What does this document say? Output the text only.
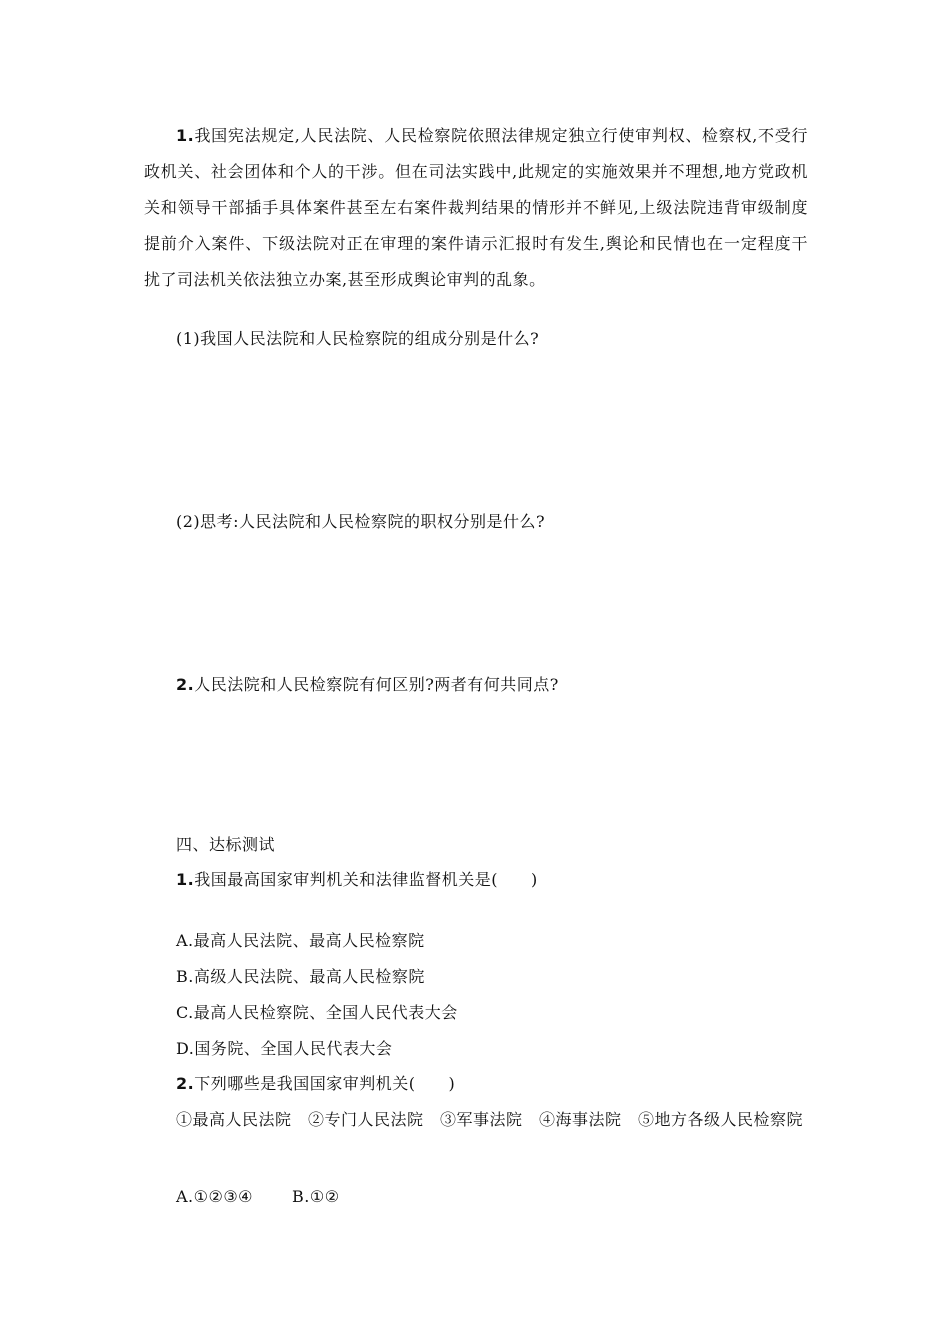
1.我国宪法规定,人民法院、人民检察院依照法律规定独立行使审判权、检察权,不受行政机关、社会团体和个人的干涉。但在司法实践中,此规定的实施效果并不理想,地方党政机关和领导干部插手具体案件甚至左右案件裁判结果的情形并不鲜见,上级法院违背审级制度提前介入案件、下级法院对正在审理的案件请示汇报时有发生,舆论和民情也在一定程度干扰了司法机关依法独立办案,甚至形成舆论审判的乱象。
(1)我国人民法院和人民检察院的组成分别是什么?
(2)思考:人民法院和人民检察院的职权分别是什么?
2.人民法院和人民检察院有何区别?两者有何共同点?
四、达标测试
1.我国最高国家审判机关和法律监督机关是(　　)
A.最高人民法院、最高人民检察院
B.高级人民法院、最高人民检察院
C.最高人民检察院、全国人民代表大会
D.国务院、全国人民代表大会
2.下列哪些是我国国家审判机关(　　)
①最高人民法院　②专门人民法院　③军事法院　④海事法院　⑤地方各级人民检察院
A.①②③④ B.①②
